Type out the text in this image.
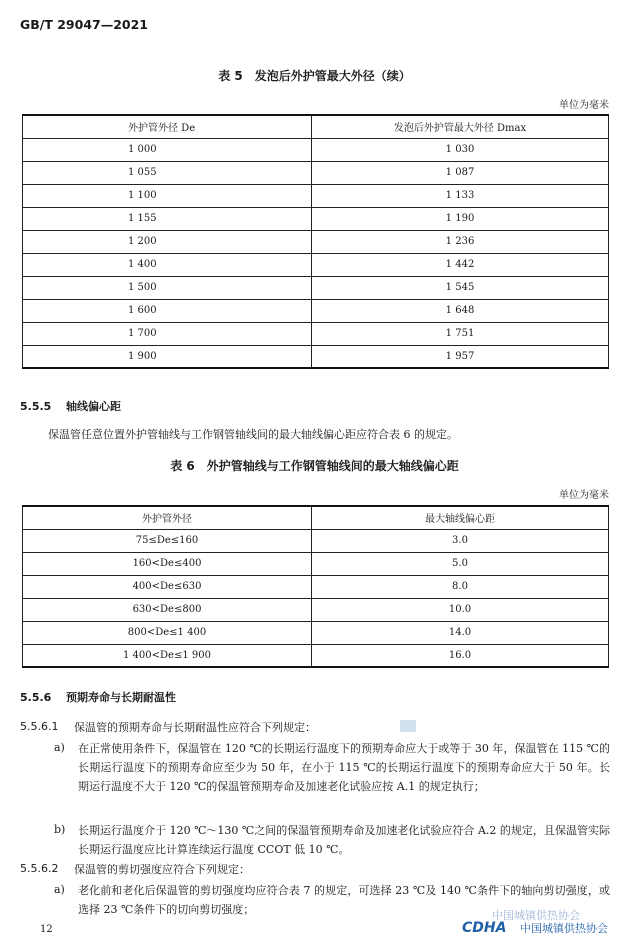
GB/T 29047—2021
表 5　发泡后外护管最大外径（续）
单位为毫米
外护管外径 De	发泡后外护管最大外径 Dmax
1 000	1 030
1 055	1 087
1 100	1 133
1 155	1 190
1 200	1 236
1 400	1 442
1 500	1 545
1 600	1 648
1 700	1 751
1 900	1 957
5.5.5 轴线偏心距
保温管任意位置外护管轴线与工作钢管轴线间的最大轴线偏心距应符合表 6 的规定。
表 6　外护管轴线与工作钢管轴线间的最大轴线偏心距
单位为毫米
外护管外径	最大轴线偏心距
75≤De≤160	3.0
160<De≤400	5.0
400<De≤630	8.0
630<De≤800	10.0
800<De≤1 400	14.0
1 400<De≤1 900	16.0
5.5.6 预期寿命与长期耐温性
5.5.6.1 保温管的预期寿命与长期耐温性应符合下列规定：
a) 在正常使用条件下，保温管在 120 ℃的长期运行温度下的预期寿命应大于或等于 30 年，保温管在 115 ℃的长期运行温度下的预期寿命应至少为 50 年，在小于 115 ℃的长期运行温度下的预期寿命应大于 50 年。长期运行温度不大于 120 ℃的保温管预期寿命及加速老化试验应按 A.1 的规定执行；
b) 长期运行温度介于 120 ℃～130 ℃之间的保温管预期寿命及加速老化试验应符合 A.2 的规定，且保温管实际长期运行温度应比计算连续运行温度 CCOT 低 10 ℃。
5.5.6.2 保温管的剪切强度应符合下列规定：
a) 老化前和老化后保温管的剪切强度均应符合表 7 的规定，可选择 23 ℃及 140 ℃条件下的轴向剪切强度，或选择 23 ℃条件下的切向剪切强度；
12
中国城镇供热协会
CDHA 中国城镇供热协会
